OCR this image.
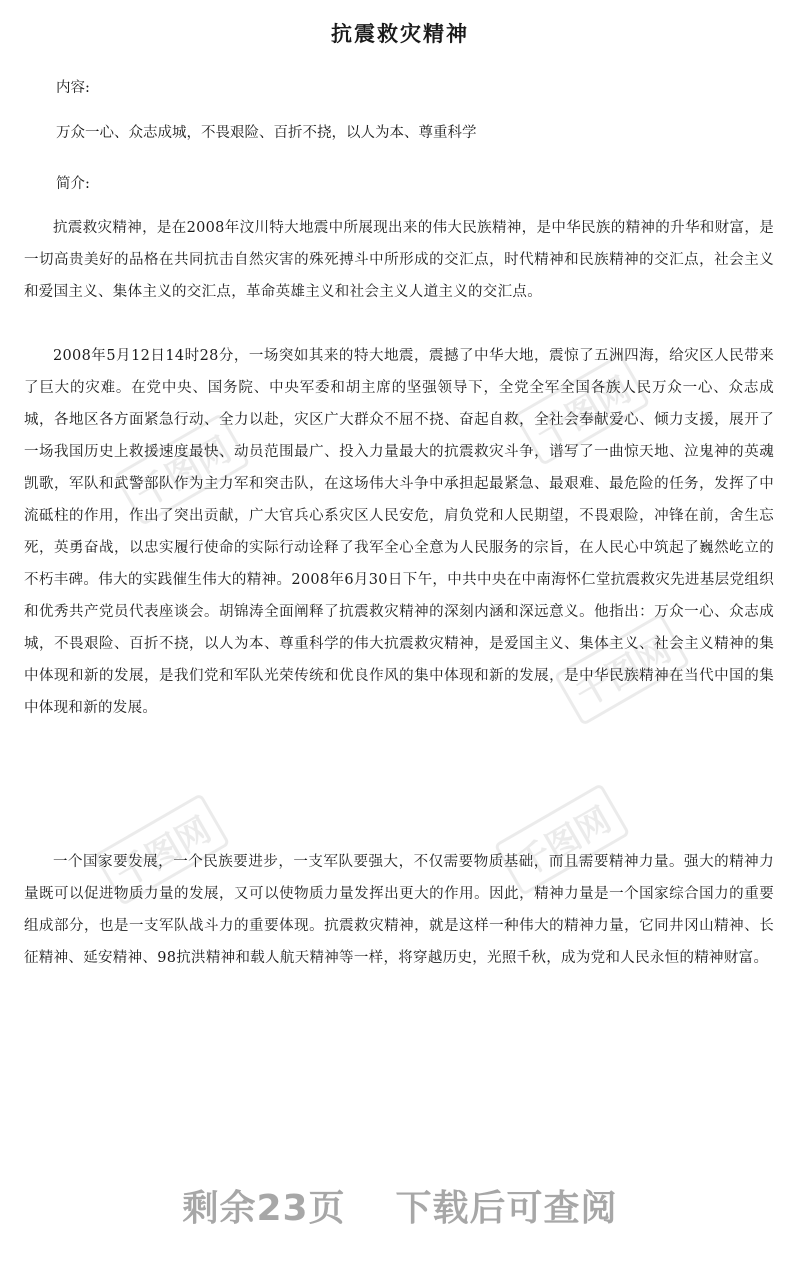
千图网
千图网
千图网
千图网	千图网
抗震救灾精神
内容:
万众一心、众志成城，不畏艰险、百折不挠，以人为本、尊重科学
简介:
抗震救灾精神，是在2008年汶川特大地震中所展现出来的伟大民族精神，是中华民族的精神的升华和财富，是一切高贵美好的品格在共同抗击自然灾害的殊死搏斗中所形成的交汇点，时代精神和民族精神的交汇点，社会主义和爱国主义、集体主义的交汇点，革命英雄主义和社会主义人道主义的交汇点。
2008年5月12日14时28分，一场突如其来的特大地震，震撼了中华大地，震惊了五洲四海，给灾区人民带来了巨大的灾难。在党中央、国务院、中央军委和胡主席的坚强领导下，全党全军全国各族人民万众一心、众志成城，各地区各方面紧急行动、全力以赴，灾区广大群众不屈不挠、奋起自救，全社会奉献爱心、倾力支援，展开了一场我国历史上救援速度最快、动员范围最广、投入力量最大的抗震救灾斗争，谱写了一曲惊天地、泣鬼神的英魂凯歌，军队和武警部队作为主力军和突击队，在这场伟大斗争中承担起最紧急、最艰难、最危险的任务，发挥了中流砥柱的作用，作出了突出贡献，广大官兵心系灾区人民安危，肩负党和人民期望，不畏艰险，冲锋在前，舍生忘死，英勇奋战，以忠实履行使命的实际行动诠释了我军全心全意为人民服务的宗旨，在人民心中筑起了巍然屹立的不朽丰碑。伟大的实践催生伟大的精神。2008年6月30日下午，中共中央在中南海怀仁堂抗震救灾先进基层党组织和优秀共产党员代表座谈会。胡锦涛全面阐释了抗震救灾精神的深刻内涵和深远意义。他指出：万众一心、众志成城，不畏艰险、百折不挠，以人为本、尊重科学的伟大抗震救灾精神，是爱国主义、集体主义、社会主义精神的集中体现和新的发展，是我们党和军队光荣传统和优良作风的集中体现和新的发展，是中华民族精神在当代中国的集中体现和新的发展。
一个国家要发展，一个民族要进步，一支军队要强大，不仅需要物质基础，而且需要精神力量。强大的精神力量既可以促进物质力量的发展，又可以使物质力量发挥出更大的作用。因此，精神力量是一个国家综合国力的重要组成部分，也是一支军队战斗力的重要体现。抗震救灾精神，就是这样一种伟大的精神力量，它同井冈山精神、长征精神、延安精神、98抗洪精神和载人航天精神等一样，将穿越历史，光照千秋，成为党和人民永恒的精神财富。
剩余23页 下载后可查阅
